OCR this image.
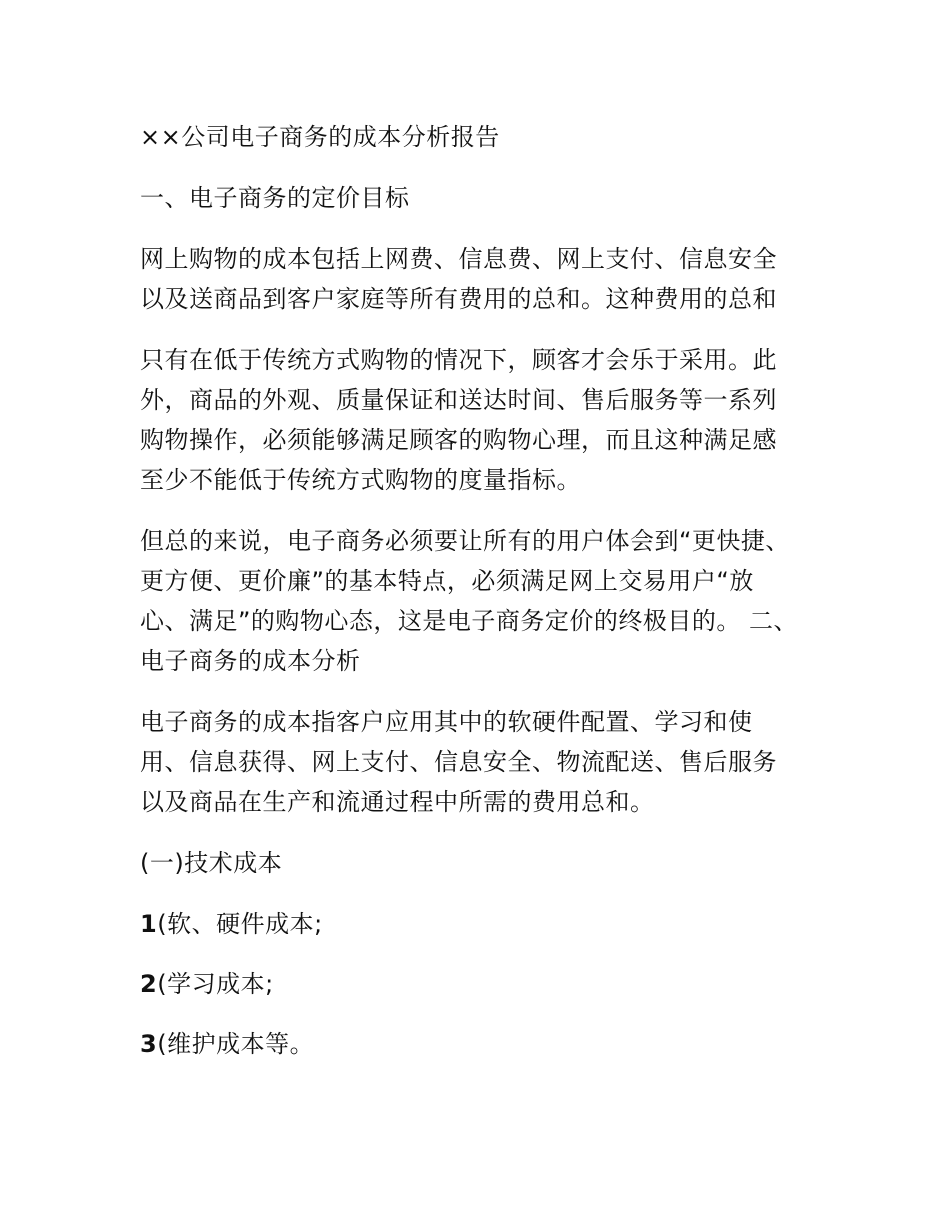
××公司电子商务的成本分析报告

一、电子商务的定价目标

网上购物的成本包括上网费、信息费、网上支付、信息安全以及送商品到客户家庭等所有费用的总和。这种费用的总和

只有在低于传统方式购物的情况下，顾客才会乐于采用。此外，商品的外观、质量保证和送达时间、售后服务等一系列购物操作，必须能够满足顾客的购物心理，而且这种满足感至少不能低于传统方式购物的度量指标。

但总的来说，电子商务必须要让所有的用户体会到“更快捷、更方便、更价廉”的基本特点，必须满足网上交易用户“放心、满足”的购物心态，这是电子商务定价的终极目的。 二、电子商务的成本分析

电子商务的成本指客户应用其中的软硬件配置、学习和使用、信息获得、网上支付、信息安全、物流配送、售后服务以及商品在生产和流通过程中所需的费用总和。

(一)技术成本

1(软、硬件成本;

2(学习成本;

3(维护成本等。
